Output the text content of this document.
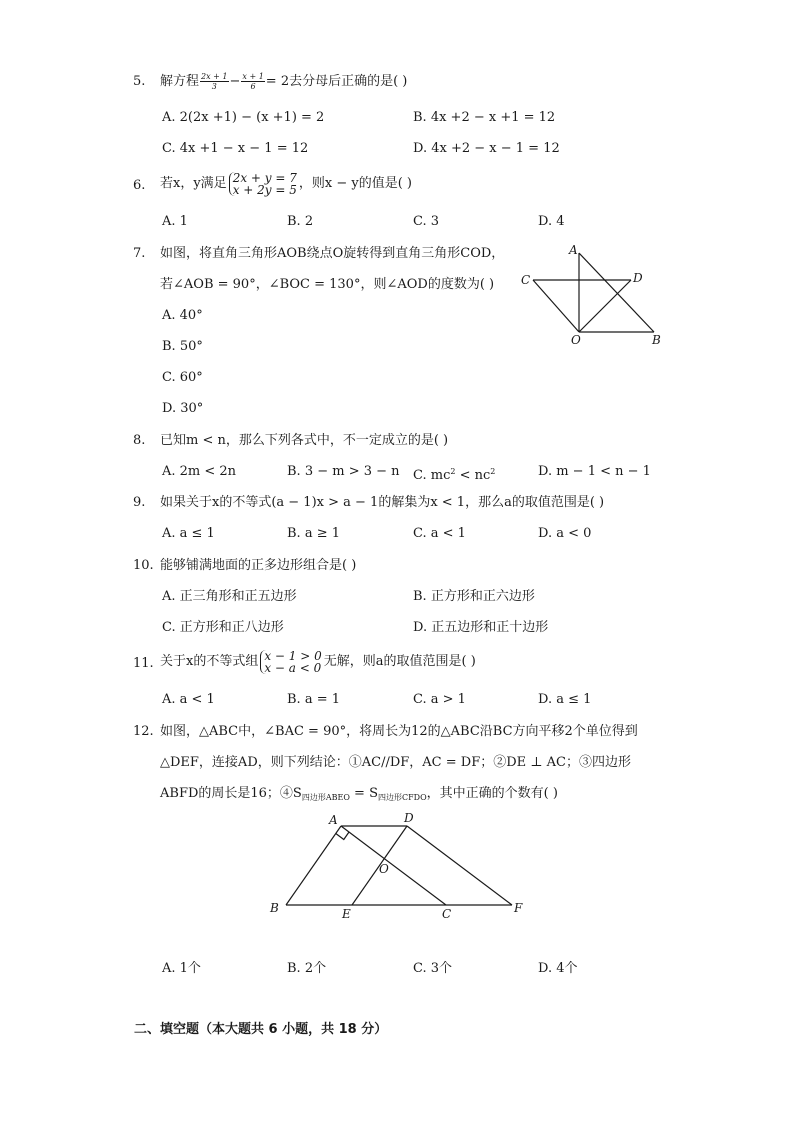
5. 解方程 $\frac{2x + 1}{3} - \frac{x + 1}{6} = 2$去分母后正确的是( )
A. 2(2x +1) − (x +1) = 2	B. 4x +2 − x +1 = 12
C. 4x +1 − x − 1 = 12	D. 4x +2 − x − 1 = 12
6. 若x，y满足 2x + y = 7
x + 2y = 5 ，则x − y的值是( )
A. 1	B. 2	C. 3	D. 4
7. 如图，将直角三角形AOB绕点O旋转得到直角三角形COD，
若∠AOB = 90°，∠BOC = 130°，则∠AOD的度数为( )
A. 40°
B. 50°
C. 60°
D. 30°
A
C	D
O	B
8. 已知m < n，那么下列各式中，不一定成立的是( )
A. 2m < 2n	B. 3 − m > 3 − n C. $mc^2 < nc^2$	D. m − 1 < n − 1
9. 如果关于x的不等式(a − 1)x > a − 1的解集为x < 1，那么a的取值范围是( )
A. a ≤ 1	B. a ≥ 1	C. a < 1	D. a < 0
10. 能够铺满地面的正多边形组合是( )
A. 正三角形和正五边形	B. 正方形和正六边形
C. 正方形和正八边形	D. 正五边形和正十边形
11. 关于x的不等式组 x − 1 > 0
x − a < 0 无解，则a的取值范围是( )
A. a < 1	B. a = 1	C. a > 1	D. a ≤ 1
12. 如图，△ABC中，∠BAC = 90°，将周长为12的△ABC沿BC方向平移2个单位得到
△DEF，连接AD，则下列结论：①AC//DF，AC = DF；②DE ⊥ AC；③四边形
ABFD的周长是16；$④S_{四边形ABEO} = S_{四边形CFDO}$，其中正确的个数有( )
A	D
O
B	E	C	F
A. 1个	B. 2个	C. 3个	D. 4个
二、填空题（本大题共 6 小题，共 18 分）
